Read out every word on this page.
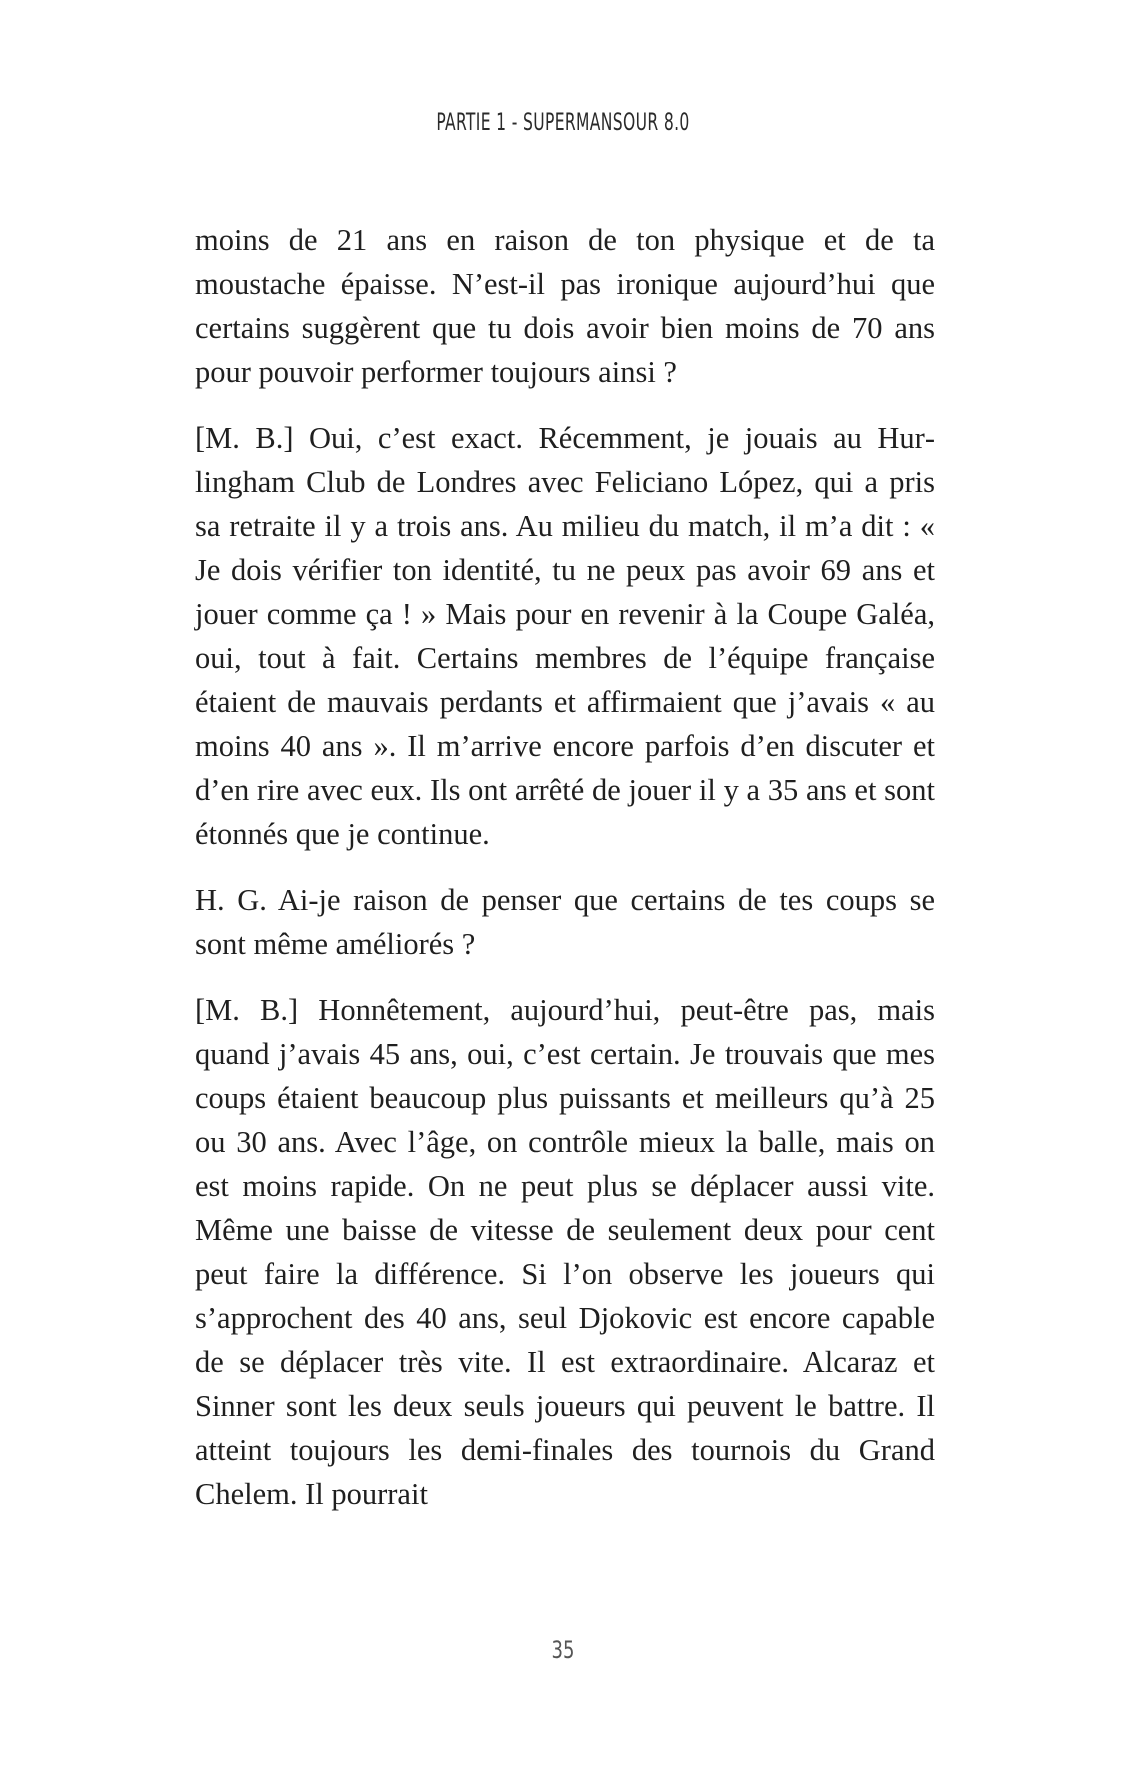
PARTIE 1 - SUPERMANSOUR 8.0

moins de 21 ans en raison de ton physique et de ta moustache épaisse. N’est-il pas ironique aujourd’hui que certains suggèrent que tu dois avoir bien moins de 70 ans pour pouvoir performer toujours ainsi ?

[M. B.] Oui, c’est exact. Récemment, je jouais au Hurlingham Club de Londres avec Feliciano López, qui a pris sa retraite il y a trois ans. Au milieu du match, il m’a dit : « Je dois vérifier ton identité, tu ne peux pas avoir 69 ans et jouer comme ça ! » Mais pour en revenir à la Coupe Galéa, oui, tout à fait. Certains membres de l’équipe française étaient de mauvais perdants et affirmaient que j’avais « au moins 40 ans ». Il m’arrive encore parfois d’en discuter et d’en rire avec eux. Ils ont arrêté de jouer il y a 35 ans et sont étonnés que je continue.

H. G. Ai-je raison de penser que certains de tes coups se sont même améliorés ?

[M. B.] Honnêtement, aujourd’hui, peut-être pas, mais quand j’avais 45 ans, oui, c’est certain. Je trouvais que mes coups étaient beaucoup plus puissants et meilleurs qu’à 25 ou 30 ans. Avec l’âge, on contrôle mieux la balle, mais on est moins rapide. On ne peut plus se déplacer aussi vite. Même une baisse de vitesse de seulement deux pour cent peut faire la différence. Si l’on observe les joueurs qui s’approchent des 40 ans, seul Djokovic est encore capable de se déplacer très vite. Il est extraordinaire. Alcaraz et Sinner sont les deux seuls joueurs qui peuvent le battre. Il atteint toujours les demi-finales des tournois du Grand Chelem. Il pourrait

35
